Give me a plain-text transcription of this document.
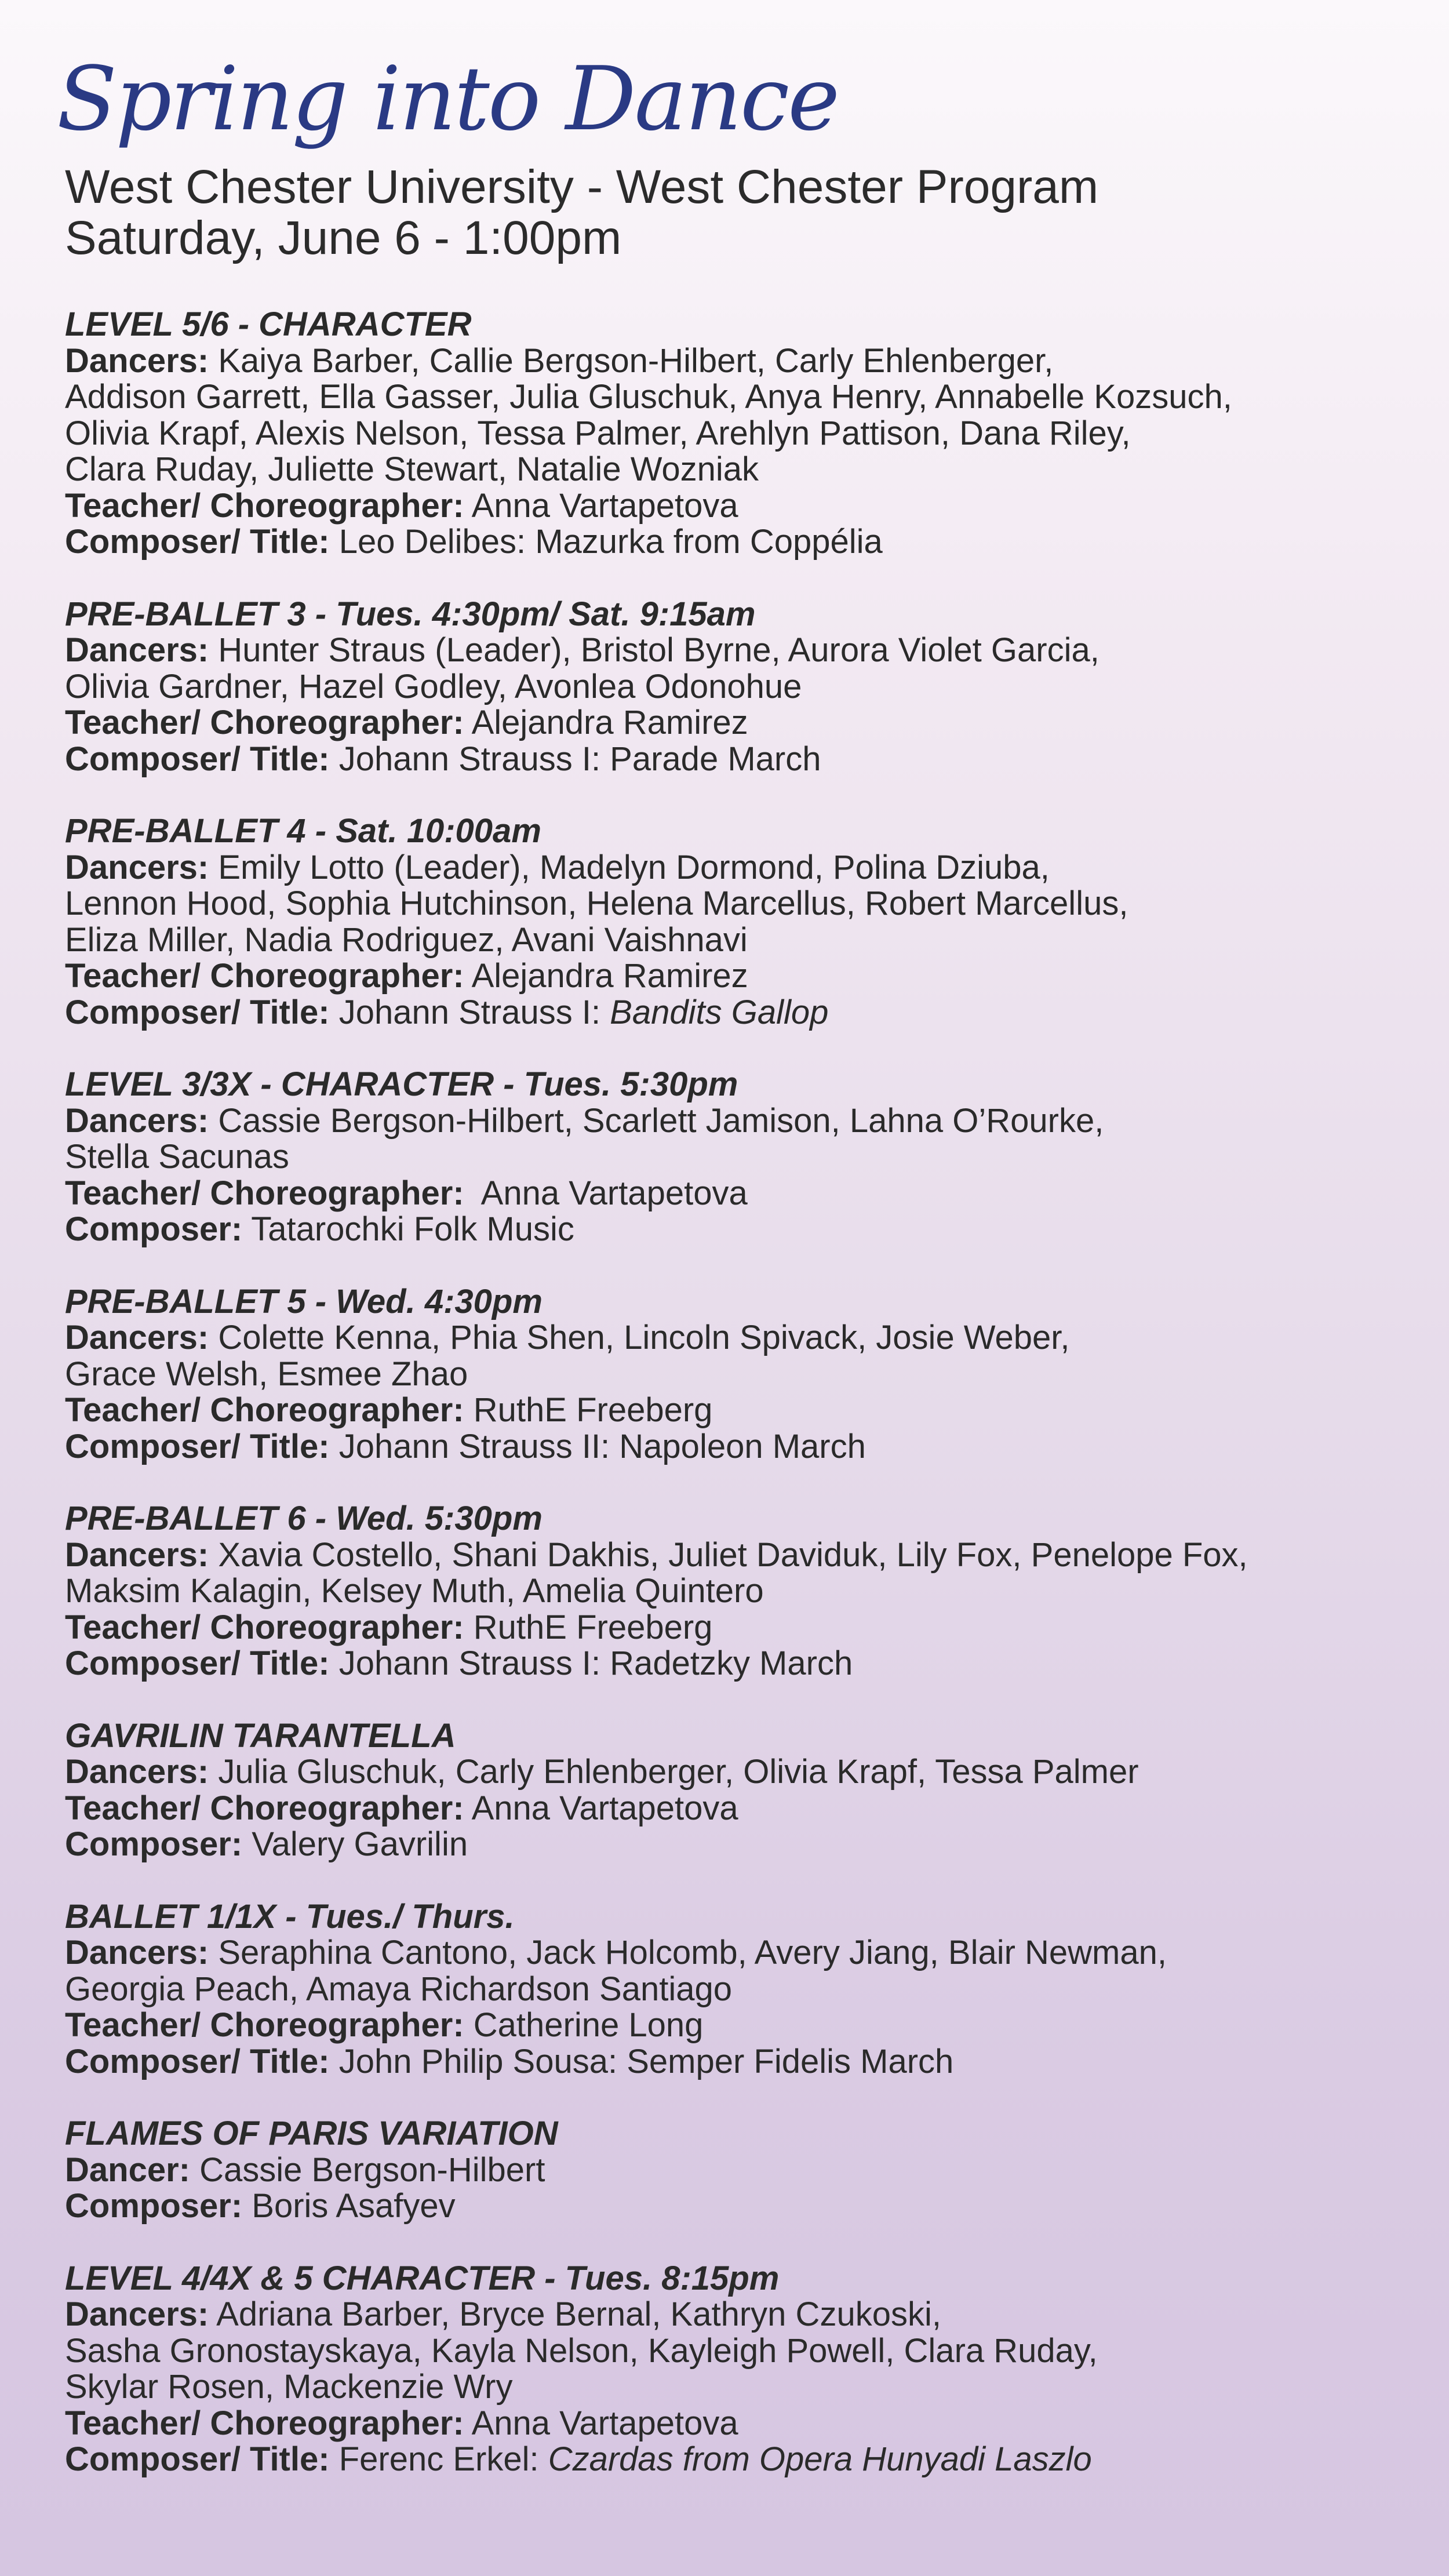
Spring into Dance
West Chester University - West Chester Program
Saturday, June 6 - 1:00pm
LEVEL 5/6 - CHARACTER
Dancers: Kaiya Barber, Callie Bergson-Hilbert, Carly Ehlenberger,
Addison Garrett, Ella Gasser, Julia Gluschuk, Anya Henry, Annabelle Kozsuch,
Olivia Krapf, Alexis Nelson, Tessa Palmer, Arehlyn Pattison, Dana Riley,
Clara Ruday, Juliette Stewart, Natalie Wozniak
Teacher/ Choreographer: Anna Vartapetova
Composer/ Title: Leo Delibes: Mazurka from Coppélia
PRE-BALLET 3 - Tues. 4:30pm/ Sat. 9:15am
Dancers: Hunter Straus (Leader), Bristol Byrne, Aurora Violet Garcia,
Olivia Gardner, Hazel Godley, Avonlea Odonohue
Teacher/ Choreographer: Alejandra Ramirez
Composer/ Title: Johann Strauss I: Parade March
PRE-BALLET 4 - Sat. 10:00am
Dancers: Emily Lotto (Leader), Madelyn Dormond, Polina Dziuba,
Lennon Hood, Sophia Hutchinson, Helena Marcellus, Robert Marcellus,
Eliza Miller, Nadia Rodriguez, Avani Vaishnavi
Teacher/ Choreographer: Alejandra Ramirez
Composer/ Title: Johann Strauss I: Bandits Gallop
LEVEL 3/3X - CHARACTER - Tues. 5:30pm
Dancers: Cassie Bergson-Hilbert, Scarlett Jamison, Lahna O’Rourke,
Stella Sacunas
Teacher/ Choreographer: Anna Vartapetova
Composer: Tatarochki Folk Music
PRE-BALLET 5 - Wed. 4:30pm
Dancers: Colette Kenna, Phia Shen, Lincoln Spivack, Josie Weber,
Grace Welsh, Esmee Zhao
Teacher/ Choreographer: RuthE Freeberg
Composer/ Title: Johann Strauss II: Napoleon March
PRE-BALLET 6 - Wed. 5:30pm
Dancers: Xavia Costello, Shani Dakhis, Juliet Daviduk, Lily Fox, Penelope Fox,
Maksim Kalagin, Kelsey Muth, Amelia Quintero
Teacher/ Choreographer: RuthE Freeberg
Composer/ Title: Johann Strauss I: Radetzky March
GAVRILIN TARANTELLA
Dancers: Julia Gluschuk, Carly Ehlenberger, Olivia Krapf, Tessa Palmer
Teacher/ Choreographer: Anna Vartapetova
Composer: Valery Gavrilin
BALLET 1/1X - Tues./ Thurs.
Dancers: Seraphina Cantono, Jack Holcomb, Avery Jiang, Blair Newman,
Georgia Peach, Amaya Richardson Santiago
Teacher/ Choreographer: Catherine Long
Composer/ Title: John Philip Sousa: Semper Fidelis March
FLAMES OF PARIS VARIATION
Dancer: Cassie Bergson-Hilbert
Composer: Boris Asafyev
LEVEL 4/4X & 5 CHARACTER - Tues. 8:15pm
Dancers: Adriana Barber, Bryce Bernal, Kathryn Czukoski,
Sasha Gronostayskaya, Kayla Nelson, Kayleigh Powell, Clara Ruday,
Skylar Rosen, Mackenzie Wry
Teacher/ Choreographer: Anna Vartapetova
Composer/ Title: Ferenc Erkel: Czardas from Opera Hunyadi Laszlo
